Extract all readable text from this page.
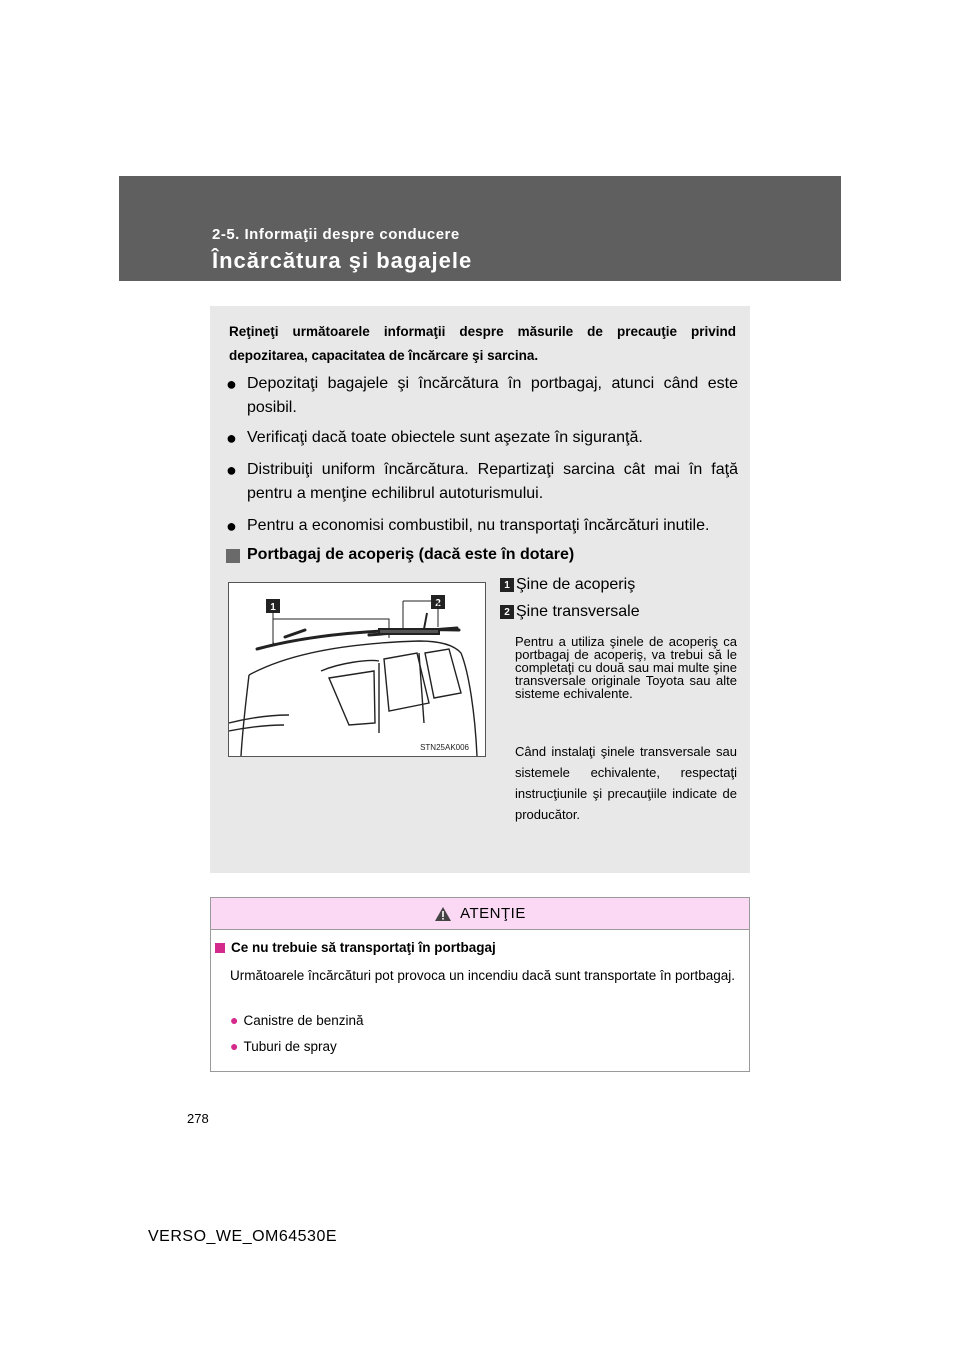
2-5. Informaţii despre conducere
Încărcătura şi bagajele
Reţineţi următoarele informaţii despre măsurile de precauţie privind depozitarea, capacitatea de încărcare şi sarcina.
● Depozitaţi bagajele şi încărcătura în portbagaj, atunci când este posibil.
● Verificaţi dacă toate obiectele sunt aşezate în siguranţă.
● Distribuiţi uniform încărcătura. Repartizaţi sarcina cât mai în faţă pentru a menţine echilibrul autoturismului.
● Pentru a economisi combustibil, nu transportaţi încărcături inutile.
Portbagaj de acoperiş (dacă este în dotare)
1	2
STN25AK006
1 Şine de acoperiş
2 Şine transversale
Pentru a utiliza şinele de acoperiş ca portbagaj de acoperiş, va trebui să le completaţi cu două sau mai multe şine transversale originale Toyota sau alte sisteme echivalente.
Când instalaţi şinele transversale sau sistemele echivalente, respectaţi instrucţiunile şi precauţiile indicate de producător.
ATENŢIE
Ce nu trebuie să transportaţi în portbagaj
Următoarele încărcături pot provoca un incendiu dacă sunt transportate în portbagaj.
● Canistre de benzină
● Tuburi de spray
278
VERSO_WE_OM64530E
